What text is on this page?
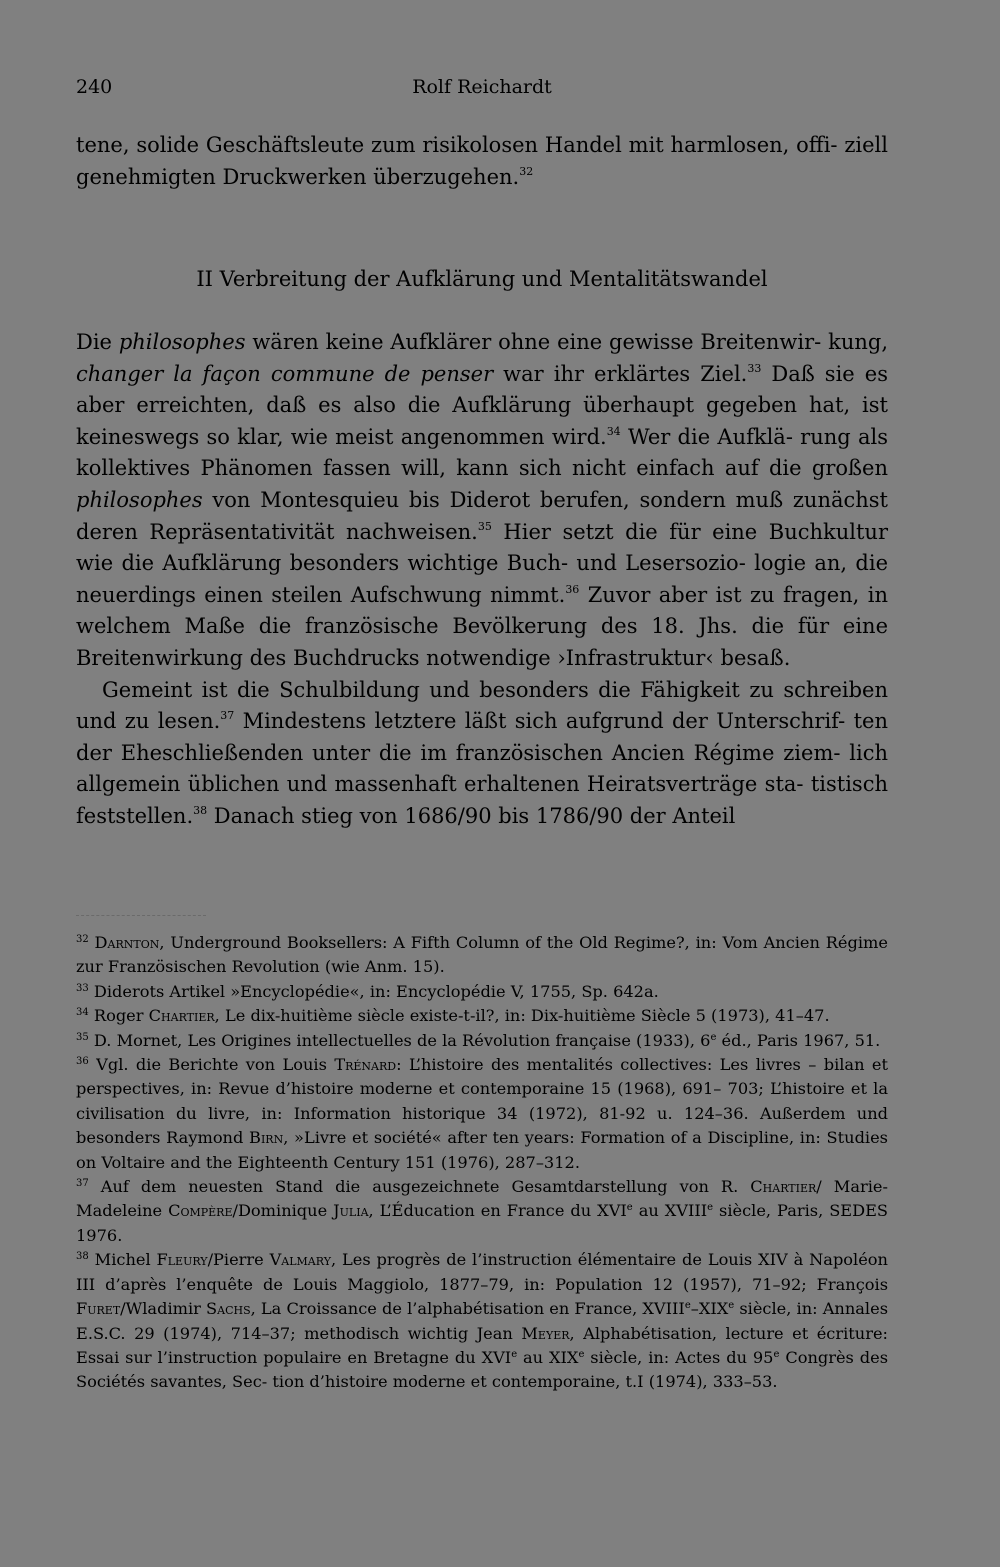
240	Rolf Reichardt

tene, solide Geschäftsleute zum risikolosen Handel mit harmlosen, offi- ziell genehmigten Druckwerken überzugehen.$^{32}$

II Verbreitung der Aufklärung und Mentalitätswandel

Die philosophes wären keine Aufklärer ohne eine gewisse Breitenwir- kung, changer la façon commune de penser war ihr erklärtes Ziel.$^{33}$ Daß sie es aber erreichten, daß es also die Aufklärung überhaupt gegeben hat, ist keineswegs so klar, wie meist angenommen wird.$^{34}$ Wer die Aufklä- rung als kollektives Phänomen fassen will, kann sich nicht einfach auf die großen philosophes von Montesquieu bis Diderot berufen, sondern muß zunächst deren Repräsentativität nachweisen.$^{35}$ Hier setzt die für eine Buchkultur wie die Aufklärung besonders wichtige Buch- und Lesersozio- logie an, die neuerdings einen steilen Aufschwung nimmt.$^{36}$ Zuvor aber ist zu fragen, in welchem Maße die französische Bevölkerung des 18. Jhs. die für eine Breitenwirkung des Buchdrucks notwendige ›Infrastruktur‹ besaß.

Gemeint ist die Schulbildung und besonders die Fähigkeit zu schreiben und zu lesen.$^{37}$ Mindestens letztere läßt sich aufgrund der Unterschrif- ten der Eheschließenden unter die im französischen Ancien Régime ziem- lich allgemein üblichen und massenhaft erhaltenen Heiratsverträge sta- tistisch feststellen.$^{38}$ Danach stieg von 1686/90 bis 1786/90 der Anteil

$^{32}$ Darnton, Underground Booksellers: A Fifth Column of the Old Regime?, in: Vom Ancien Régime zur Französischen Revolution (wie Anm. 15).

$^{33}$ Diderots Artikel »Encyclopédie«, in: Encyclopédie V, 1755, Sp. 642a.

$^{34}$ Roger Chartier, Le dix-huitième siècle existe-t-il?, in: Dix-huitième Siècle 5 (1973), 41–47.

$^{35}$ D. Mornet, Les Origines intellectuelles de la Révolution française (1933), 6e éd., Paris 1967, 51.

$^{36}$ Vgl. die Berichte von Louis Trénard: L’histoire des mentalités collectives: Les livres – bilan et perspectives, in: Revue d’histoire moderne et contemporaine 15 (1968), 691– 703; L’histoire et la civilisation du livre, in: Information historique 34 (1972), 81-92 u. 124–36. Außerdem und besonders Raymond Birn, »Livre et société« after ten years: Formation of a Discipline, in: Studies on Voltaire and the Eighteenth Century 151 (1976), 287–312.

$^{37}$ Auf dem neuesten Stand die ausgezeichnete Gesamtdarstellung von R. Chartier/ Marie-Madeleine Compère/Dominique Julia, L’Éducation en France du XVIe au XVIIIe siècle, Paris, SEDES 1976.

$^{38}$ Michel Fleury/Pierre Valmary, Les progrès de l’instruction élémentaire de Louis XIV à Napoléon III d’après l’enquête de Louis Maggiolo, 1877–79, in: Population 12 (1957), 71–92; François Furet/Wladimir Sachs, La Croissance de l’alphabétisation en France, XVIIIe–XIXe siècle, in: Annales E.S.C. 29 (1974), 714–37; methodisch wichtig Jean Meyer, Alphabétisation, lecture et écriture: Essai sur l’instruction populaire en Bretagne du XVIe au XIXe siècle, in: Actes du 95e Congrès des Sociétés savantes, Sec- tion d’histoire moderne et contemporaine, t.I (1974), 333–53.
